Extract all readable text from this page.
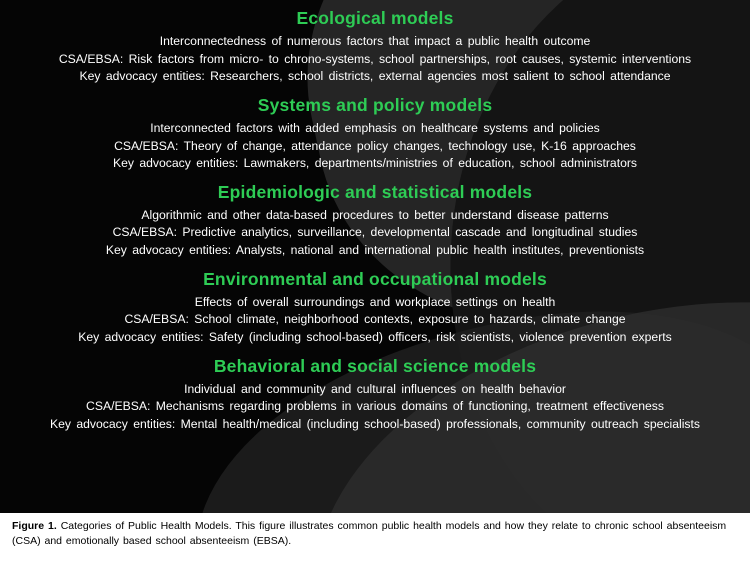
Ecological models
Interconnectedness of numerous factors that impact a public health outcome
CSA/EBSA: Risk factors from micro- to chrono-systems, school partnerships, root causes, systemic interventions
Key advocacy entities: Researchers, school districts, external agencies most salient to school attendance
Systems and policy models
Interconnected factors with added emphasis on healthcare systems and policies
CSA/EBSA: Theory of change, attendance policy changes, technology use, K-16 approaches
Key advocacy entities: Lawmakers, departments/ministries of education, school administrators
Epidemiologic and statistical models
Algorithmic and other data-based procedures to better understand disease patterns
CSA/EBSA: Predictive analytics, surveillance, developmental cascade and longitudinal studies
Key advocacy entities: Analysts, national and international public health institutes, preventionists
Environmental and occupational models
Effects of overall surroundings and workplace settings on health
CSA/EBSA: School climate, neighborhood contexts, exposure to hazards, climate change
Key advocacy entities: Safety (including school-based) officers, risk scientists, violence prevention experts
Behavioral and social science models
Individual and community and cultural influences on health behavior
CSA/EBSA: Mechanisms regarding problems in various domains of functioning, treatment effectiveness
Key advocacy entities: Mental health/medical (including school-based) professionals, community outreach specialists
Figure 1. Categories of Public Health Models. This figure illustrates common public health models and how they relate to chronic school absenteeism (CSA) and emotionally based school absenteeism (EBSA).
